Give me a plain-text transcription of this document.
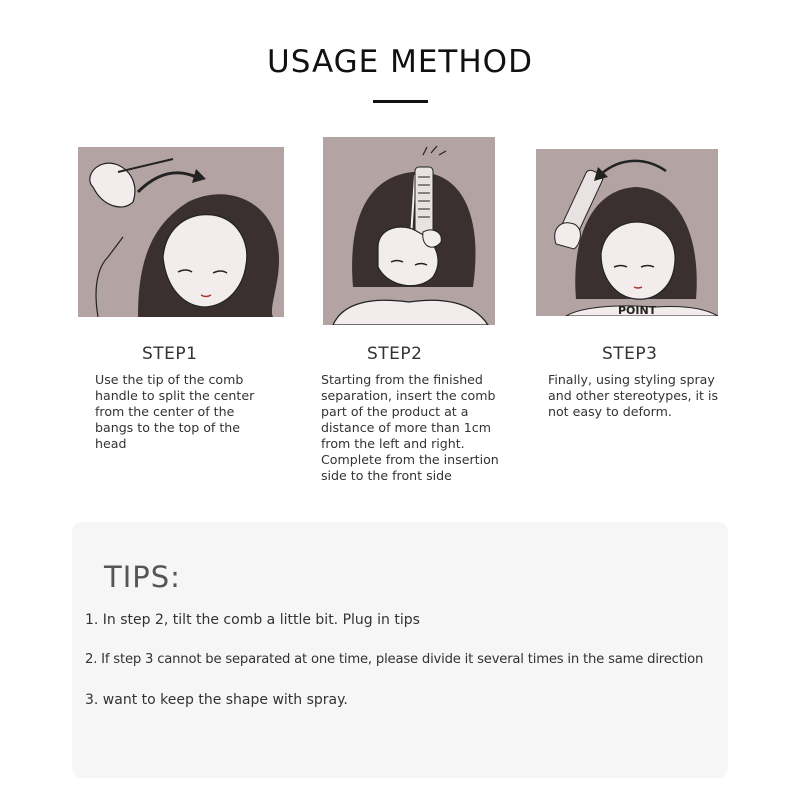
USAGE METHOD
POINT
STEP1	STEP2	STEP3
Use the tip of the comb
handle to split the center
from the center of the
bangs to the top of the
head
Starting from the finished
separation, insert the comb
part of the product at a
distance of more than 1cm
from the left and right.
Complete from the insertion
side to the front side
Finally, using styling spray
and other stereotypes, it is
not easy to deform.
TIPS:
1. In step 2, tilt the comb a little bit. Plug in tips
2. If step 3 cannot be separated at one time, please divide it several times in the same direction
3. want to keep the shape with spray.
